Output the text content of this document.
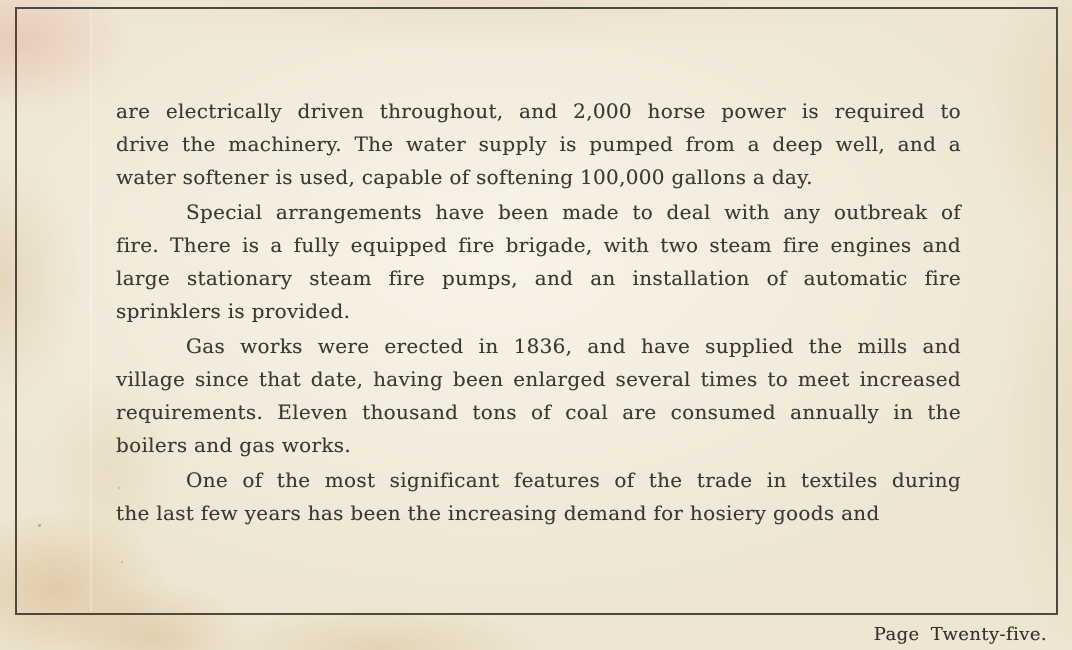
are electrically driven throughout, and 2,000 horse power is required to
drive the machinery. The water supply is pumped from a deep well, and a
water softener is used, capable of softening 100,000 gallons a day.
Special arrangements have been made to deal with any outbreak of
fire. There is a fully equipped fire brigade, with two steam fire engines and
large stationary steam fire pumps, and an installation of automatic fire
sprinklers is provided.
Gas works were erected in 1836, and have supplied the mills and
village since that date, having been enlarged several times to meet increased
requirements. Eleven thousand tons of coal are consumed annually in the
boilers and gas works.
One of the most significant features of the trade in textiles during
the last few years has been the increasing demand for hosiery goods and
Page Twenty-five.
